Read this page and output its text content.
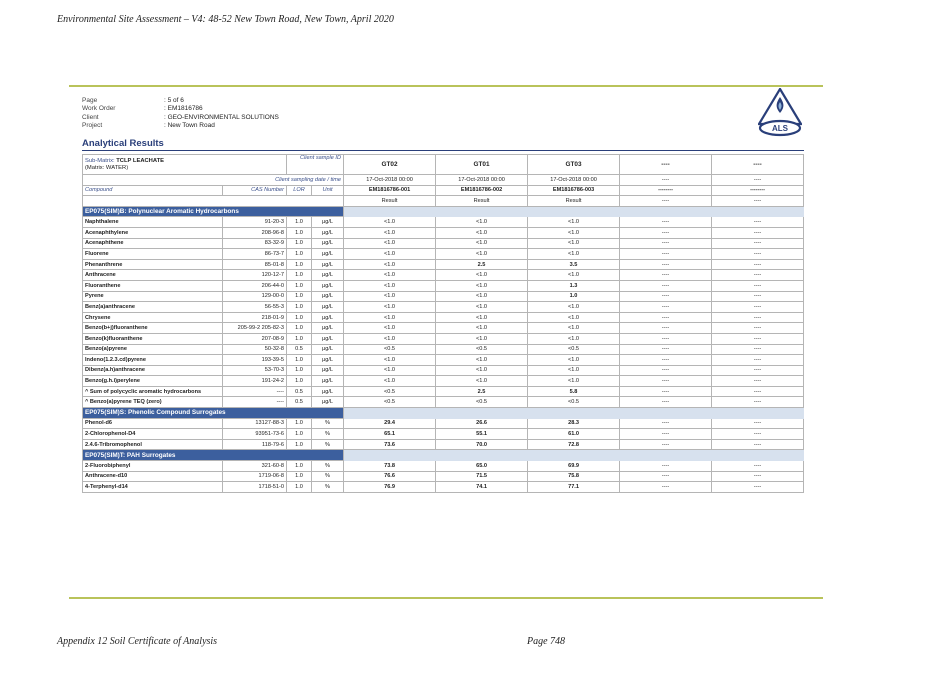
Environmental Site Assessment – V4: 48-52 New Town Road, New Town, April 2020
Page	: 5 of 6
Work Order	: EM1816786
Client	: GEO-ENVIRONMENTAL SOLUTIONS
Project	: New Town Road	ALS
Analytical Results
Sub-Matrix: TCLP LEACHATE
(Matrix: WATER)		Client sample ID		GT02	GT01	GT03	----	----
Client sampling date / time				17-Oct-2018 00:00	17-Oct-2018 00:00	17-Oct-2018 00:00	----	----
Compound	CAS Number	LOR	Unit	EM1816786-001	EM1816786-002	EM1816786-003	--------	--------
				Result	Result	Result	----	----
EP075(SIM)B: Polynuclear Aromatic Hydrocarbons								
Naphthalene	91-20-3	1.0	µg/L	<1.0	<1.0	<1.0	----	----
Acenaphthylene	208-96-8	1.0	µg/L	<1.0	<1.0	<1.0	----	----
Acenaphthene	83-32-9	1.0	µg/L	<1.0	<1.0	<1.0	----	----
Fluorene	86-73-7	1.0	µg/L	<1.0	<1.0	<1.0	----	----
Phenanthrene	85-01-8	1.0	µg/L	<1.0	2.5	3.5	----	----
Anthracene	120-12-7	1.0	µg/L	<1.0	<1.0	<1.0	----	----
Fluoranthene	206-44-0	1.0	µg/L	<1.0	<1.0	1.3	----	----
Pyrene	129-00-0	1.0	µg/L	<1.0	<1.0	1.0	----	----
Benz(a)anthracene	56-55-3	1.0	µg/L	<1.0	<1.0	<1.0	----	----
Chrysene	218-01-9	1.0	µg/L	<1.0	<1.0	<1.0	----	----
Benzo(b+j)fluoranthene	205-99-2 205-82-3	1.0	µg/L	<1.0	<1.0	<1.0	----	----
Benzo(k)fluoranthene	207-08-9	1.0	µg/L	<1.0	<1.0	<1.0	----	----
Benzo(a)pyrene	50-32-8	0.5	µg/L	<0.5	<0.5	<0.5	----	----
Indeno(1.2.3.cd)pyrene	193-39-5	1.0	µg/L	<1.0	<1.0	<1.0	----	----
Dibenz(a.h)anthracene	53-70-3	1.0	µg/L	<1.0	<1.0	<1.0	----	----
Benzo(g.h.i)perylene	191-24-2	1.0	µg/L	<1.0	<1.0	<1.0	----	----
^ Sum of polycyclic aromatic hydrocarbons	----	0.5	µg/L	<0.5	2.5	5.8	----	----
^ Benzo(a)pyrene TEQ (zero)	----	0.5	µg/L	<0.5	<0.5	<0.5	----	----
EP075(SIM)S: Phenolic Compound Surrogates								
Phenol-d6	13127-88-3	1.0	%	29.4	26.6	28.3	----	----
2-Chlorophenol-D4	93951-73-6	1.0	%	65.1	55.1	61.0	----	----
2.4.6-Tribromophenol	118-79-6	1.0	%	73.6	70.0	72.8	----	----
EP075(SIM)T: PAH Surrogates								
2-Fluorobiphenyl	321-60-8	1.0	%	73.8	65.0	69.9	----	----
Anthracene-d10	1719-06-8	1.0	%	76.6	71.5	75.8	----	----
4-Terphenyl-d14	1718-51-0	1.0	%	76.9	74.1	77.1	----	----
Appendix 12 Soil Certificate of Analysis	Page 748
